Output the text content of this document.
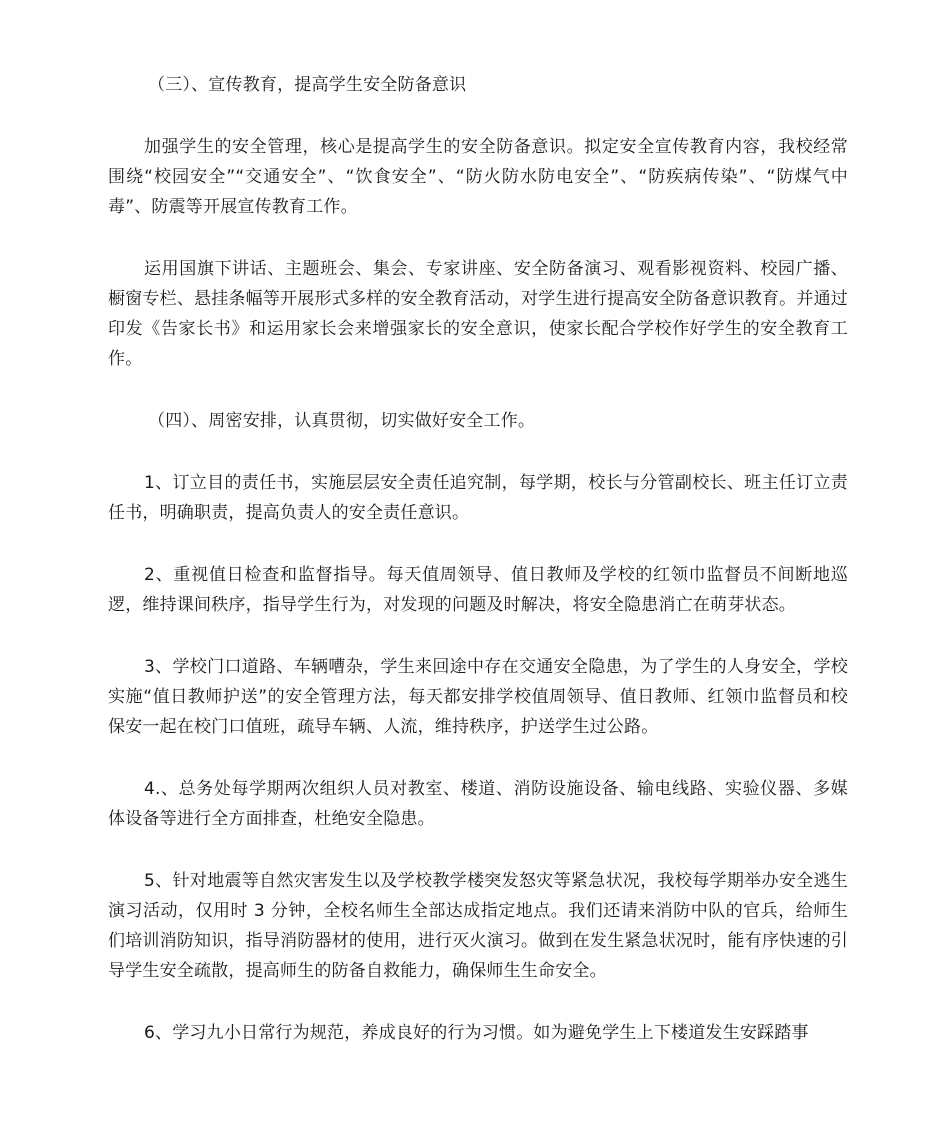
（三）、宣传教育，提高学生安全防备意识

加强学生的安全管理，核心是提高学生的安全防备意识。拟定安全宣传教育内容，我校经常围绕“校园安全”“交通安全”、“饮食安全”、“防火防水防电安全”、“防疾病传染”、“防煤气中毒”、防震等开展宣传教育工作。

运用国旗下讲话、主题班会、集会、专家讲座、安全防备演习、观看影视资料、校园广播、橱窗专栏、悬挂条幅等开展形式多样的安全教育活动，对学生进行提高安全防备意识教育。并通过印发《告家长书》和运用家长会来增强家长的安全意识，使家长配合学校作好学生的安全教育工作。

（四）、周密安排，认真贯彻，切实做好安全工作。

1、订立目的责任书，实施层层安全责任追究制，每学期，校长与分管副校长、班主任订立责任书，明确职责，提高负责人的安全责任意识。

2、重视值日检查和监督指导。每天值周领导、值日教师及学校的红领巾监督员不间断地巡逻，维持课间秩序，指导学生行为，对发现的问题及时解决，将安全隐患消亡在萌芽状态。

3、学校门口道路、车辆嘈杂，学生来回途中存在交通安全隐患，为了学生的人身安全，学校实施“值日教师护送”的安全管理方法，每天都安排学校值周领导、值日教师、红领巾监督员和校保安一起在校门口值班，疏导车辆、人流，维持秩序，护送学生过公路。

4.、总务处每学期两次组织人员对教室、楼道、消防设施设备、输电线路、实验仪器、多媒体设备等进行全方面排查，杜绝安全隐患。

5、针对地震等自然灾害发生以及学校教学楼突发怒灾等紧急状况，我校每学期举办安全逃生演习活动，仅用时 3 分钟，全校名师生全部达成指定地点。我们还请来消防中队的官兵，给师生们培训消防知识，指导消防器材的使用，进行灭火演习。做到在发生紧急状况时，能有序快速的引导学生安全疏散，提高师生的防备自救能力，确保师生生命安全。

6、学习九小日常行为规范，养成良好的行为习惯。如为避免学生上下楼道发生安踩踏事
